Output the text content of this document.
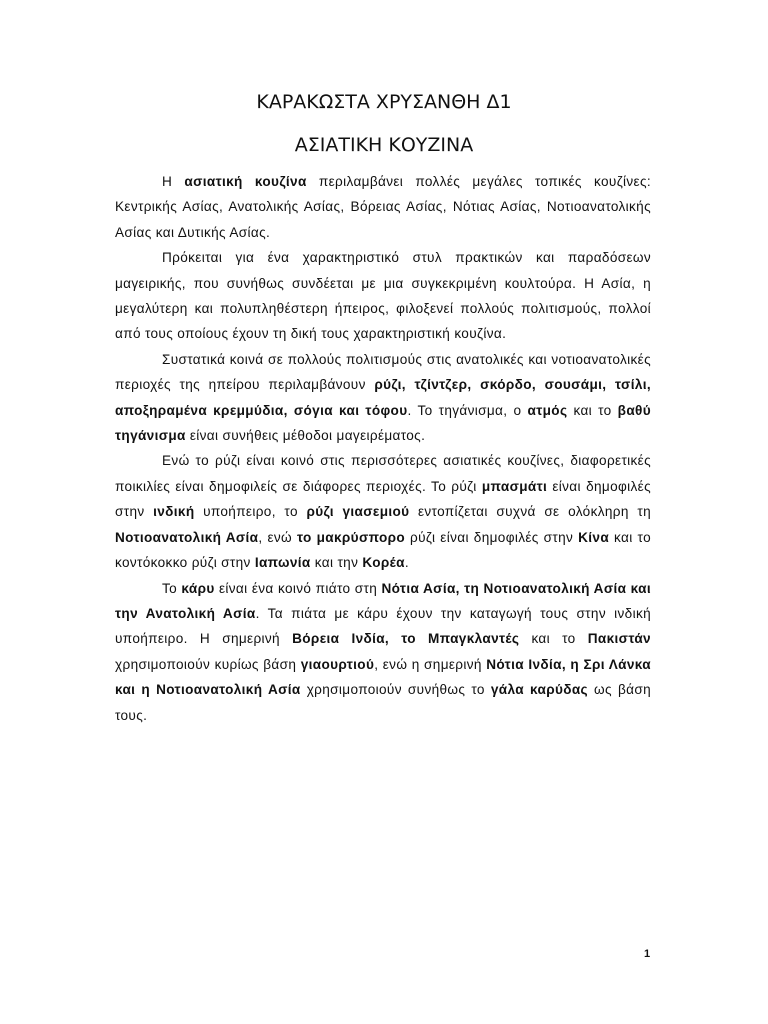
ΚΑΡΑΚΩΣΤΑ ΧΡΥΣΑΝΘΗ Δ1
ΑΣΙΑΤΙΚΗ ΚΟΥΖΙΝΑ

Η ασιατική κουζίνα περιλαμβάνει πολλές μεγάλες τοπικές κουζίνες: Κεντρικής Ασίας, Ανατολικής Ασίας, Βόρειας Ασίας, Νότιας Ασίας, Νοτιοανατολικής Ασίας και Δυτικής Ασίας.

Πρόκειται για ένα χαρακτηριστικό στυλ πρακτικών και παραδόσεων μαγειρικής, που συνήθως συνδέεται με μια συγκεκριμένη κουλτούρα. Η Ασία, η μεγαλύτερη και πολυπληθέστερη ήπειρος, φιλοξενεί πολλούς πολιτισμούς, πολλοί από τους οποίους έχουν τη δική τους χαρακτηριστική κουζίνα.

Συστατικά κοινά σε πολλούς πολιτισμούς στις ανατολικές και νοτιοανατολικές περιοχές της ηπείρου περιλαμβάνουν ρύζι, τζίντζερ, σκόρδο, σουσάμι, τσίλι, αποξηραμένα κρεμμύδια, σόγια και τόφου. Το τηγάνισμα, ο ατμός και το βαθύ τηγάνισμα είναι συνήθεις μέθοδοι μαγειρέματος.

Ενώ το ρύζι είναι κοινό στις περισσότερες ασιατικές κουζίνες, διαφορετικές ποικιλίες είναι δημοφιλείς σε διάφορες περιοχές. Το ρύζι μπασμάτι είναι δημοφιλές στην ινδική υποήπειρο, το ρύζι γιασεμιού εντοπίζεται συχνά σε ολόκληρη τη Νοτιοανατολική Ασία, ενώ το μακρύσπορο ρύζι είναι δημοφιλές στην Κίνα και το κοντόκοκκο ρύζι στην Ιαπωνία και την Κορέα.

Το κάρυ είναι ένα κοινό πιάτο στη Νότια Ασία, τη Νοτιοανατολική Ασία και την Ανατολική Ασία. Τα πιάτα με κάρυ έχουν την καταγωγή τους στην ινδική υποήπειρο. Η σημερινή Βόρεια Ινδία, το Μπαγκλαντές και το Πακιστάν χρησιμοποιούν κυρίως βάση γιαουρτιού, ενώ η σημερινή Νότια Ινδία, η Σρι Λάνκα και η Νοτιοανατολική Ασία χρησιμοποιούν συνήθως το γάλα καρύδας ως βάση τους.

1
